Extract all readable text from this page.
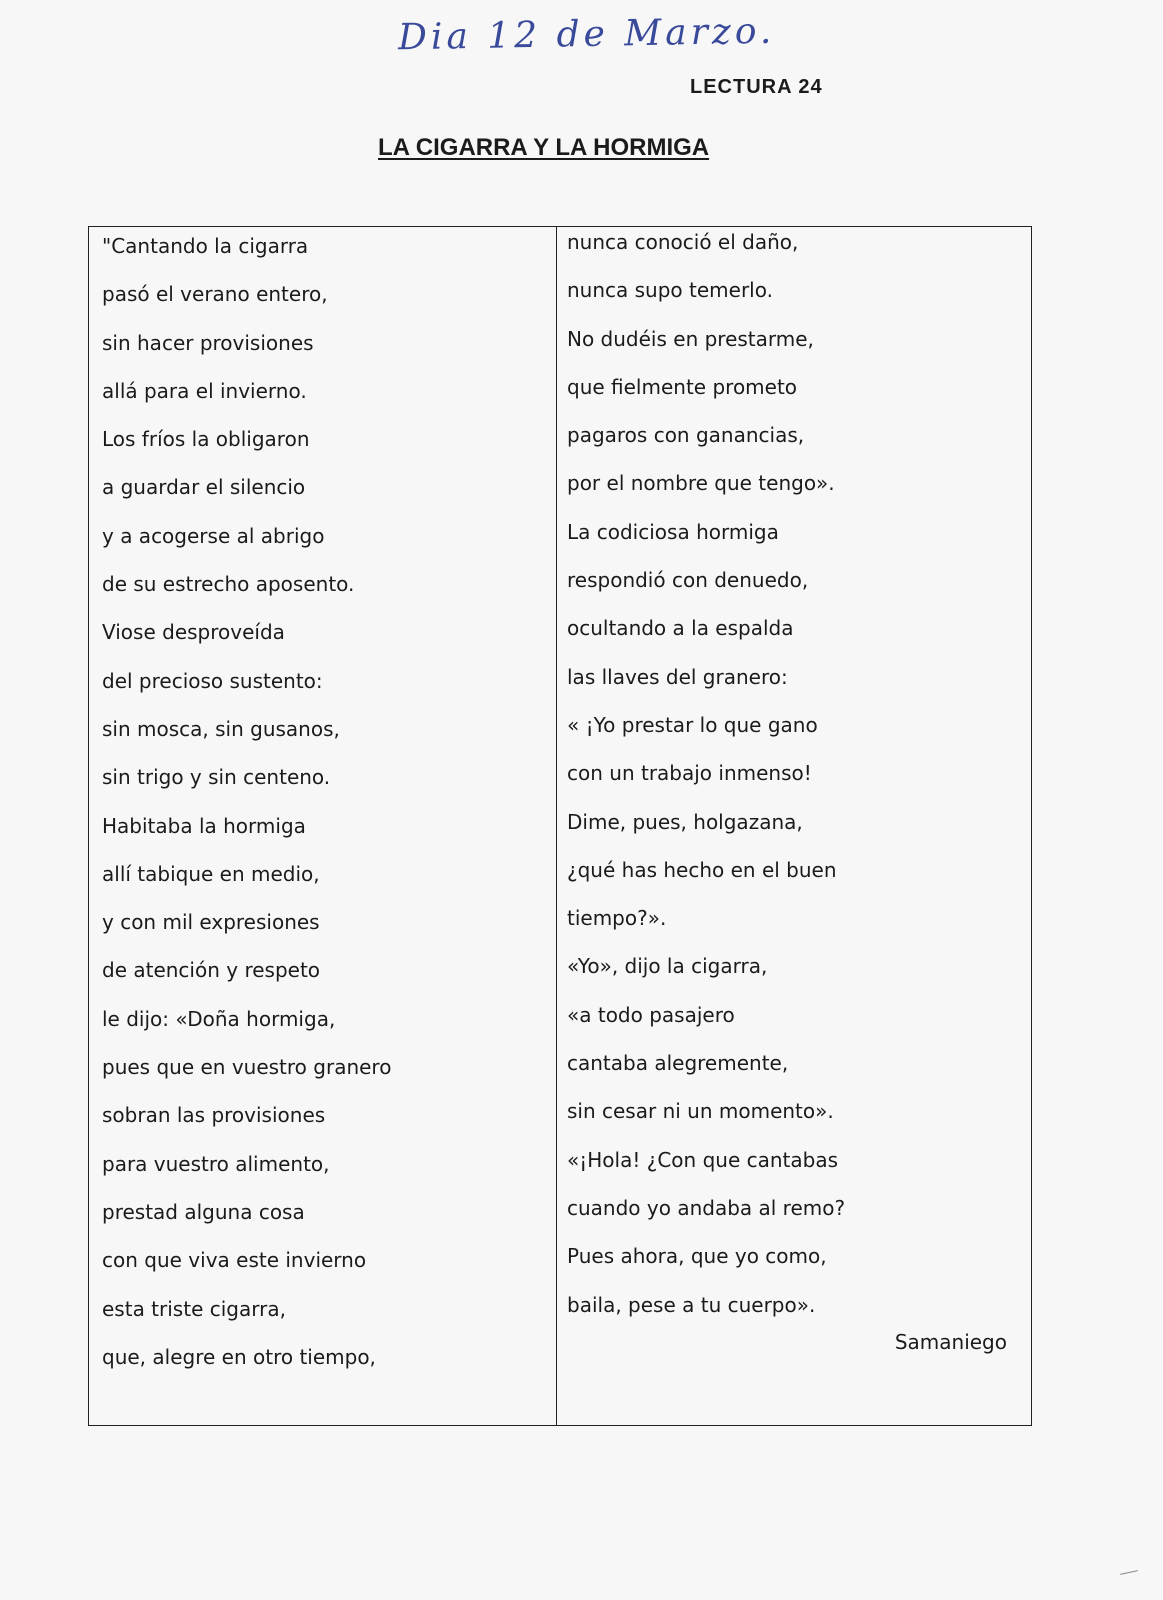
Dia 12 de Marzo.
LECTURA 24
LA CIGARRA Y LA HORMIGA
"Cantando la cigarra
pasó el verano entero,
sin hacer provisiones
allá para el invierno.
Los fríos la obligaron
a guardar el silencio
y a acogerse al abrigo
de su estrecho aposento.
Viose desproveída
del precioso sustento:
sin mosca, sin gusanos,
sin trigo y sin centeno.
Habitaba la hormiga
allí tabique en medio,
y con mil expresiones
de atención y respeto
le dijo: «Doña hormiga,
pues que en vuestro granero
sobran las provisiones
para vuestro alimento,
prestad alguna cosa
con que viva este invierno
esta triste cigarra,
que, alegre en otro tiempo,
nunca conoció el daño,
nunca supo temerlo.
No dudéis en prestarme,
que fielmente prometo
pagaros con ganancias,
por el nombre que tengo».
La codiciosa hormiga
respondió con denuedo,
ocultando a la espalda
las llaves del granero:
« ¡Yo prestar lo que gano
con un trabajo inmenso!
Dime, pues, holgazana,
¿qué has hecho en el buen
tiempo?».
«Yo», dijo la cigarra,
«a todo pasajero
cantaba alegremente,
sin cesar ni un momento».
«¡Hola! ¿Con que cantabas
cuando yo andaba al remo?
Pues ahora, que yo como,
baila, pese a tu cuerpo».
Samaniego
